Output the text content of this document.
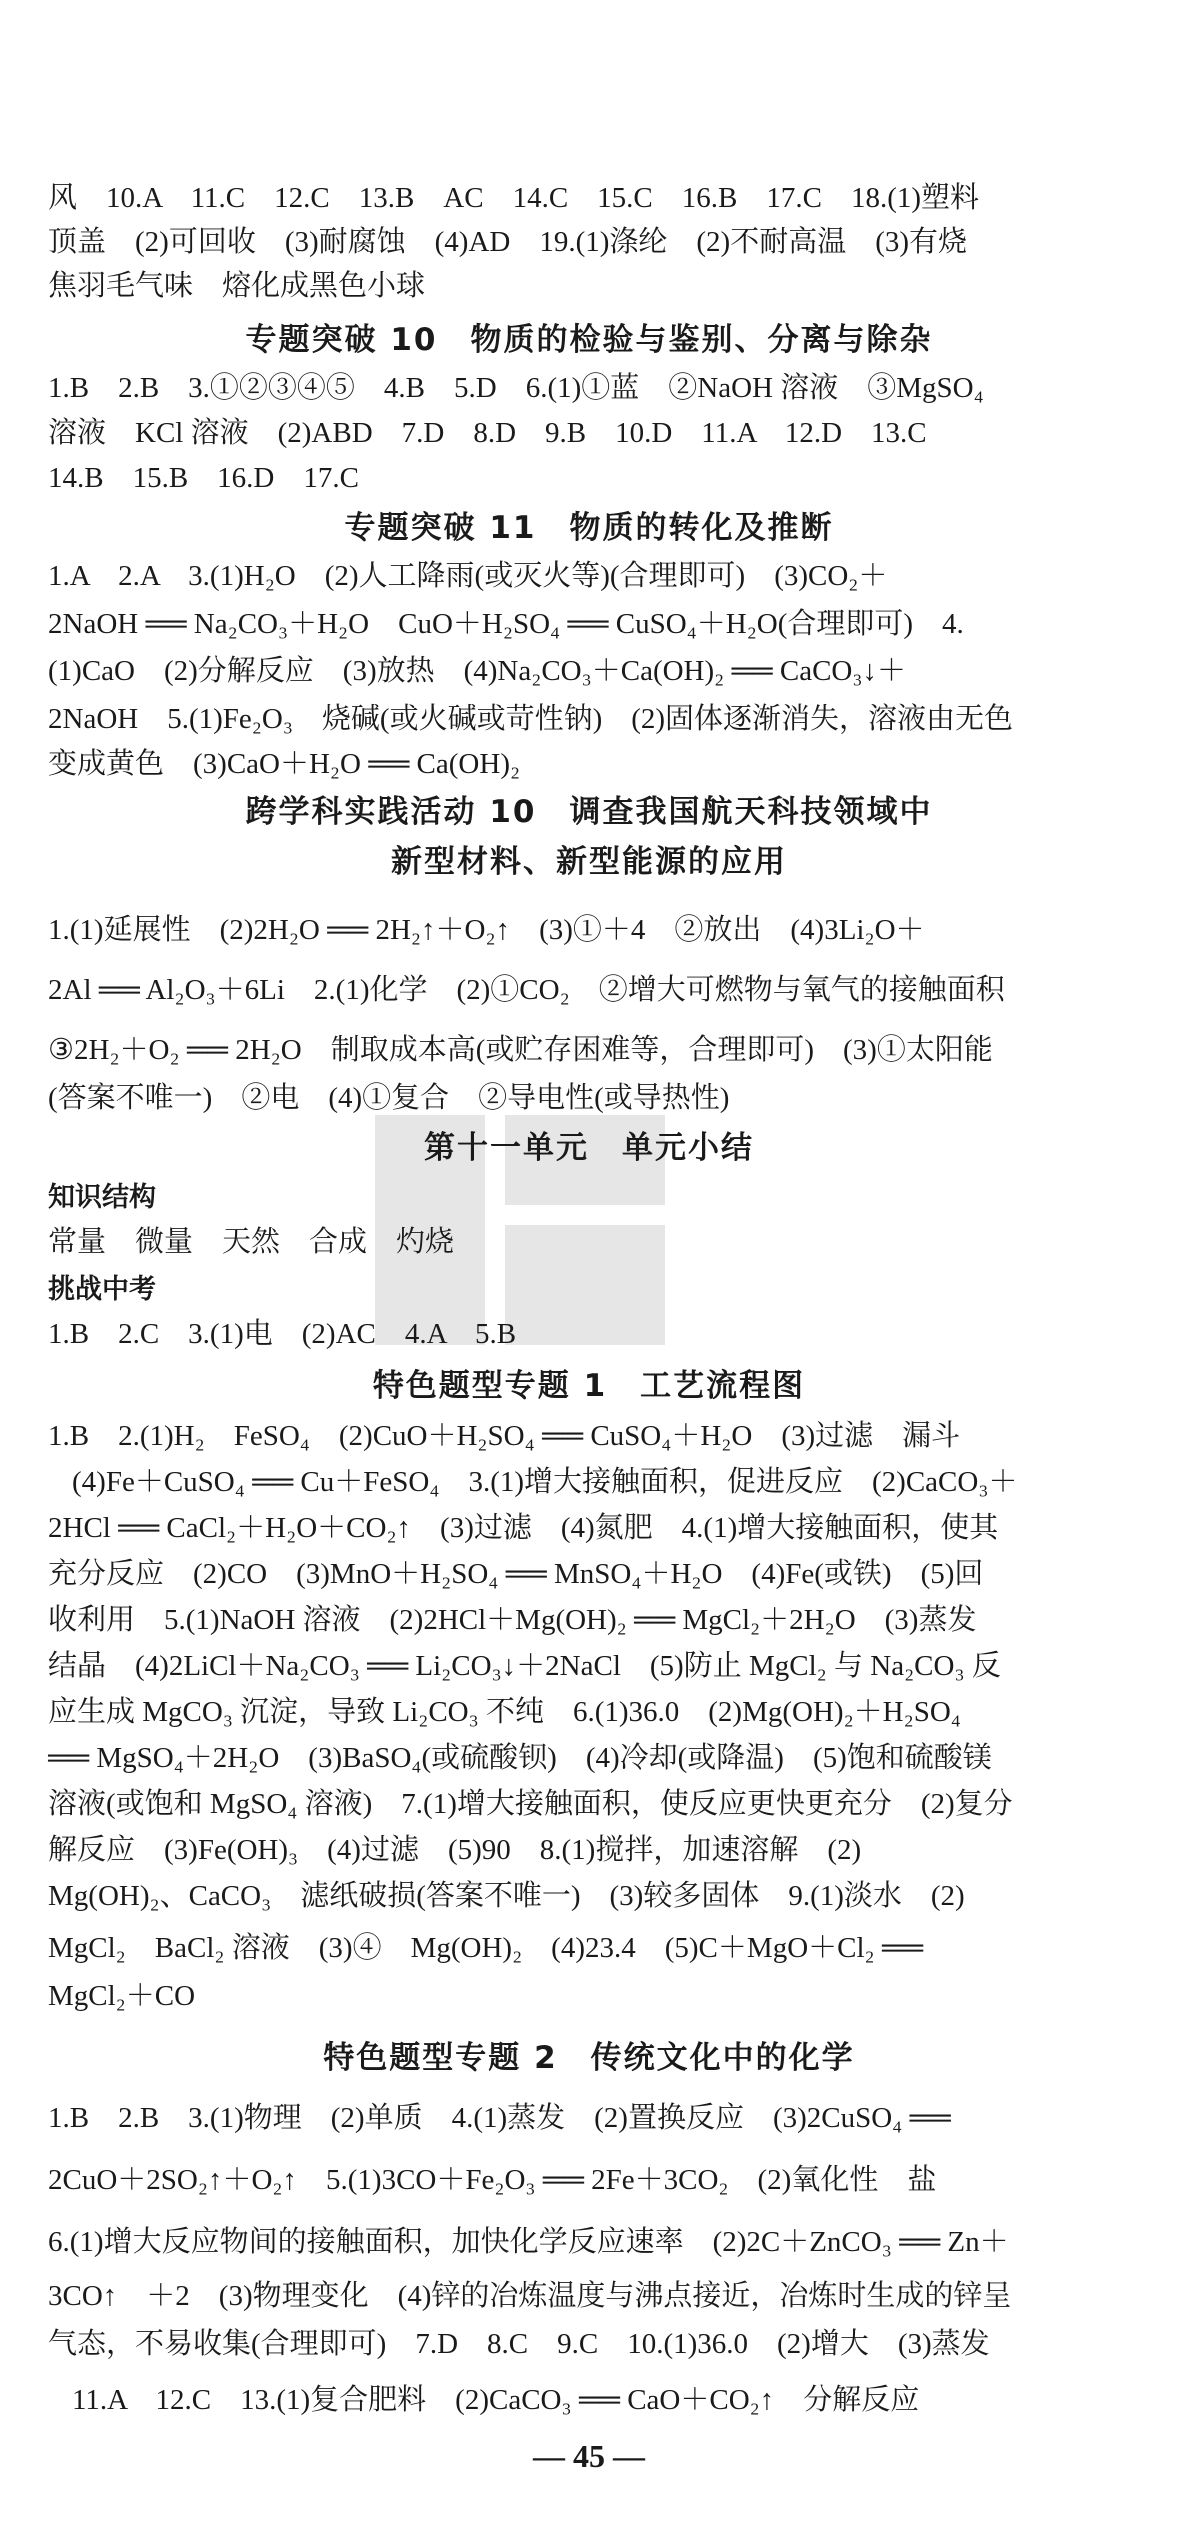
风　10.A　11.C　12.C　13.B　AC　14.C　15.C　16.B　17.C　18.(1)塑料
顶盖　(2)可回收　(3)耐腐蚀　(4)AD　19.(1)涤纶　(2)不耐高温　(3)有烧
焦羽毛气味　熔化成黑色小球
专题突破 10　物质的检验与鉴别、分离与除杂
1.B　2.B　3.①②③④⑤　4.B　5.D　6.(1)①蓝　②NaOH 溶液　③MgSO₄
溶液　KCl 溶液　(2)ABD　7.D　8.D　9.B　10.D　11.A　12.D　13.C
14.B　15.B　16.D　17.C
专题突破 11　物质的转化及推断
1.A　2.A　3.(1)H₂O　(2)人工降雨(或灭火等)(合理即可)　(3)CO₂＋
2NaOH ══ Na₂CO₃＋H₂O　CuO＋H₂SO₄ ══ CuSO₄＋H₂O(合理即可)　4.
(1)CaO　(2)分解反应　(3)放热　(4)Na₂CO₃＋Ca(OH)₂ ══ CaCO₃↓＋
2NaOH　5.(1)Fe₂O₃　烧碱(或火碱或苛性钠)　(2)固体逐渐消失，溶液由无色
变成黄色　(3)CaO＋H₂O ══ Ca(OH)₂
跨学科实践活动 10　调查我国航天科技领域中
新型材料、新型能源的应用
1.(1)延展性　(2)2H₂O ══ 2H₂↑＋O₂↑　(3)①＋4　②放出　(4)3Li₂O＋
2Al ══ Al₂O₃＋6Li　2.(1)化学　(2)①CO₂　②增大可燃物与氧气的接触面积
③2H₂＋O₂ ══ 2H₂O　制取成本高(或贮存困难等，合理即可)　(3)①太阳能
(答案不唯一)　②电　(4)①复合　②导电性(或导热性)
第十一单元　单元小结
知识结构
常量　微量　天然　合成　灼烧
挑战中考
1.B　2.C　3.(1)电　(2)AC　4.A　5.B
特色题型专题 1　工艺流程图
1.B　2.(1)H₂　FeSO₄　(2)CuO＋H₂SO₄ ══ CuSO₄＋H₂O　(3)过滤　漏斗
(4)Fe＋CuSO₄ ══ Cu＋FeSO₄　3.(1)增大接触面积，促进反应　(2)CaCO₃＋
2HCl ══ CaCl₂＋H₂O＋CO₂↑　(3)过滤　(4)氮肥　4.(1)增大接触面积，使其
充分反应　(2)CO　(3)MnO＋H₂SO₄ ══ MnSO₄＋H₂O　(4)Fe(或铁)　(5)回
收利用　5.(1)NaOH 溶液　(2)2HCl＋Mg(OH)₂ ══ MgCl₂＋2H₂O　(3)蒸发
结晶　(4)2LiCl＋Na₂CO₃ ══ Li₂CO₃↓＋2NaCl　(5)防止 MgCl₂ 与 Na₂CO₃ 反
应生成 MgCO₃ 沉淀，导致 Li₂CO₃ 不纯　6.(1)36.0　(2)Mg(OH)₂＋H₂SO₄
══ MgSO₄＋2H₂O　(3)BaSO₄(或硫酸钡)　(4)冷却(或降温)　(5)饱和硫酸镁
溶液(或饱和 MgSO₄ 溶液)　7.(1)增大接触面积，使反应更快更充分　(2)复分
解反应　(3)Fe(OH)₃　(4)过滤　(5)90　8.(1)搅拌，加速溶解　(2)
Mg(OH)₂、CaCO₃　滤纸破损(答案不唯一)　(3)较多固体　9.(1)淡水　(2)
MgCl₂　BaCl₂ 溶液　(3)④　Mg(OH)₂　(4)23.4　(5)C＋MgO＋Cl₂ ══
MgCl₂＋CO
特色题型专题 2　传统文化中的化学
1.B　2.B　3.(1)物理　(2)单质　4.(1)蒸发　(2)置换反应　(3)2CuSO₄ ══
2CuO＋2SO₂↑＋O₂↑　5.(1)3CO＋Fe₂O₃ ══ 2Fe＋3CO₂　(2)氧化性　盐
6.(1)增大反应物间的接触面积，加快化学反应速率　(2)2C＋ZnCO₃ ══ Zn＋
3CO↑　＋2　(3)物理变化　(4)锌的冶炼温度与沸点接近，冶炼时生成的锌呈
气态，不易收集(合理即可)　7.D　8.C　9.C　10.(1)36.0　(2)增大　(3)蒸发
11.A　12.C　13.(1)复合肥料　(2)CaCO₃ ══ CaO＋CO₂↑　分解反应
— 45 —
